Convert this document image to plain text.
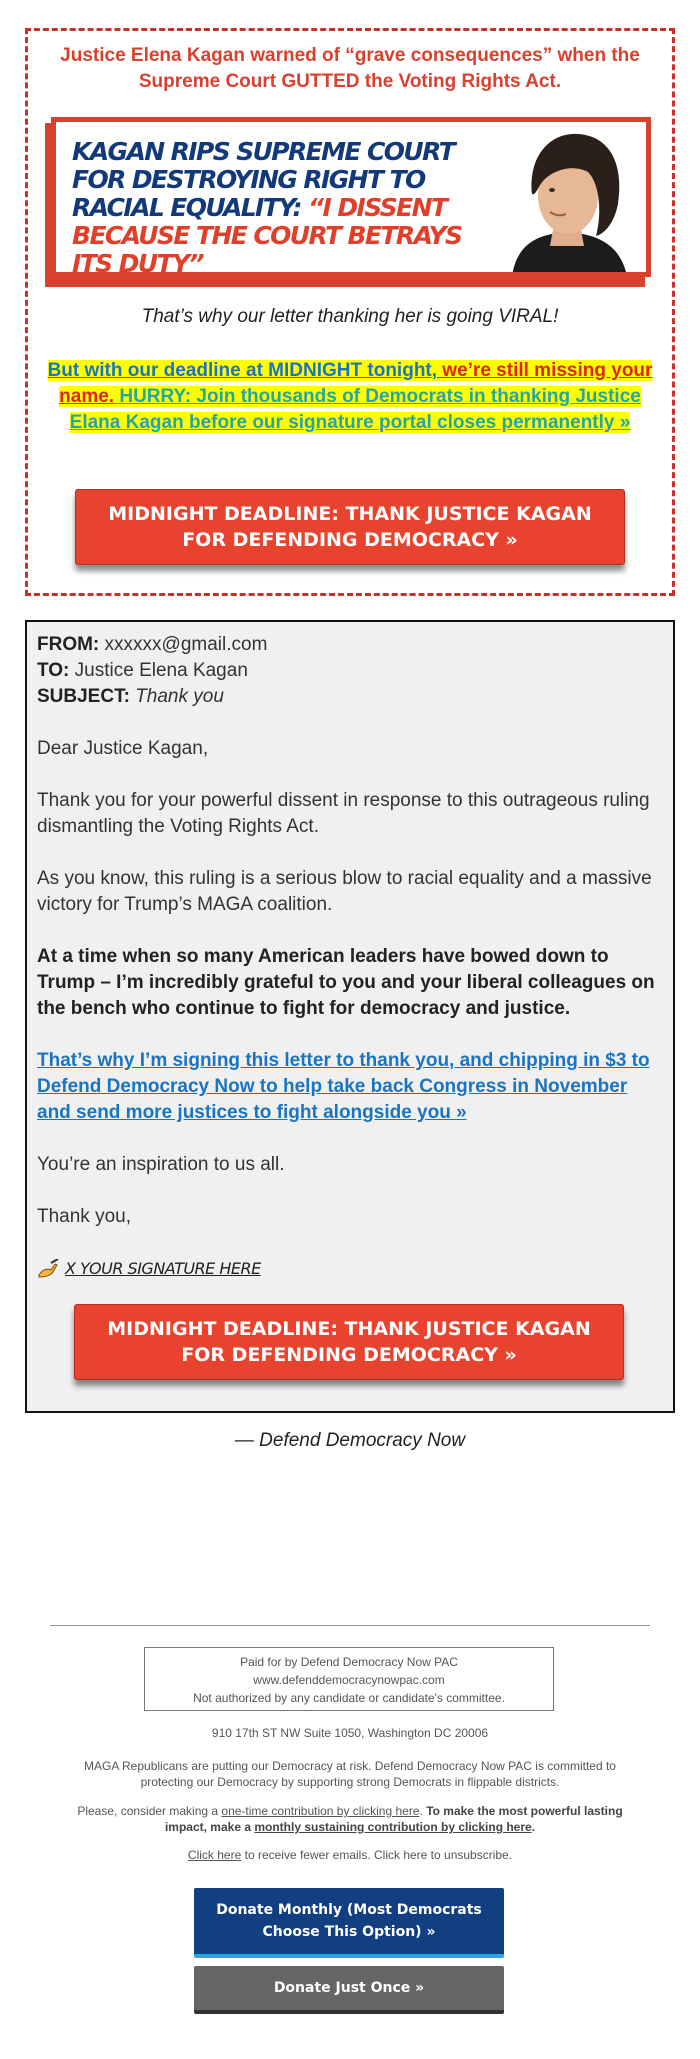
Justice Elena Kagan warned of “grave consequences” when the Supreme Court GUTTED the Voting Rights Act.
KAGAN RIPS SUPREME COURT FOR DESTROYING RIGHT TO RACIAL EQUALITY: “I DISSENT BECAUSE THE COURT BETRAYS ITS DUTY”
That’s why our letter thanking her is going VIRAL!
But with our deadline at MIDNIGHT tonight, we’re still missing your name. HURRY: Join thousands of Democrats in thanking Justice Elana Kagan before our signature portal closes permanently »
MIDNIGHT DEADLINE: THANK JUSTICE KAGAN FOR DEFENDING DEMOCRACY »

FROM: xxxxxx@gmail.com

TO: Justice Elena Kagan

SUBJECT: Thank you

Dear Justice Kagan,

Thank you for your powerful dissent in response to this outrageous ruling dismantling the Voting Rights Act.

As you know, this ruling is a serious blow to racial equality and a massive victory for Trump’s MAGA coalition.

At a time when so many American leaders have bowed down to Trump – I’m incredibly grateful to you and your liberal colleagues on the bench who continue to fight for democracy and justice.

That’s why I’m signing this letter to thank you, and chipping in $3 to Defend Democracy Now to help take back Congress in November and send more justices to fight alongside you »

You’re an inspiration to us all.

Thank you,

X YOUR SIGNATURE HERE
MIDNIGHT DEADLINE: THANK JUSTICE KAGAN FOR DEFENDING DEMOCRACY »
— Defend Democracy Now
Paid for by Defend Democracy Now PAC
www.defenddemocracynowpac.com
Not authorized by any candidate or candidate's committee.
910 17th ST NW Suite 1050, Washington DC 20006
MAGA Republicans are putting our Democracy at risk. Defend Democracy Now PAC is committed to protecting our Democracy by supporting strong Democrats in flippable districts.
Please, consider making a one-time contribution by clicking here. To make the most powerful lasting impact, make a monthly sustaining contribution by clicking here.
Click here to receive fewer emails. Click here to unsubscribe.
Donate Monthly (Most Democrats Choose This Option) »
Donate Just Once »
